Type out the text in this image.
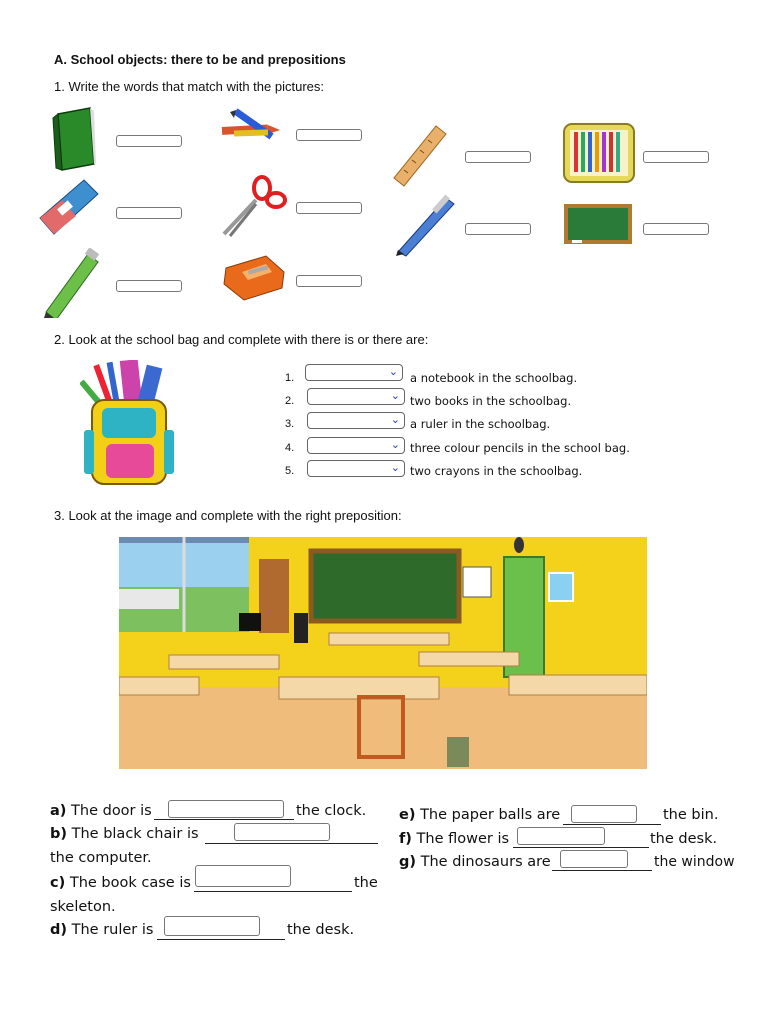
A. School objects: there to be and prepositions
1. Write the words that match with the pictures:
2. Look at the school bag and complete with there is or there are:
1.	⌄ a notebook in the schoolbag.
2.	⌄ two books in the schoolbag.
3.	⌄ a ruler in the schoolbag.
4.	⌄ three colour pencils in the school bag.
5.	⌄ two crayons in the schoolbag.
3. Look at the image and complete with the right preposition:
a) The door is	the clock.
b) The black chair is
the computer.
c) The book case is	the
skeleton.
d) The ruler is	the desk.
e) The paper balls are	the bin.
f) The flower is	the desk.
g) The dinosaurs are	the window
